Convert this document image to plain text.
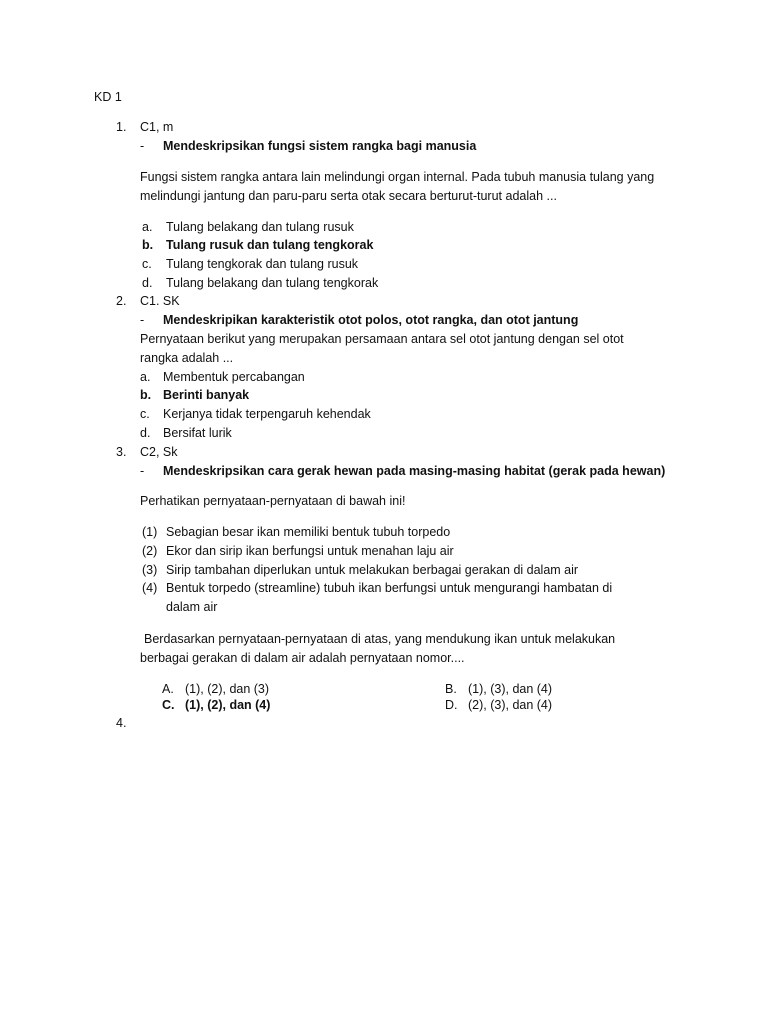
KD 1
1. C1, m
- Mendeskripsikan fungsi sistem rangka bagi manusia
Fungsi sistem rangka antara lain melindungi organ internal. Pada tubuh manusia tulang yang
melindungi jantung dan paru-paru serta otak secara berturut-turut adalah ...
a. Tulang belakang dan tulang rusuk
b. Tulang rusuk dan tulang tengkorak
c. Tulang tengkorak dan tulang rusuk
d. Tulang belakang dan tulang tengkorak
2. C1. SK
- Mendeskripikan karakteristik otot polos, otot rangka, dan otot jantung
Pernyataan berikut yang merupakan persamaan antara sel otot jantung dengan sel otot
rangka adalah ...
a. Membentuk percabangan
b. Berinti banyak
c. Kerjanya tidak terpengaruh kehendak
d. Bersifat lurik
3. C2, Sk
- Mendeskripsikan cara gerak hewan pada masing-masing habitat (gerak pada hewan)
Perhatikan pernyataan-pernyataan di bawah ini!
(1) Sebagian besar ikan memiliki bentuk tubuh torpedo
(2) Ekor dan sirip ikan berfungsi untuk menahan laju air
(3) Sirip tambahan diperlukan untuk melakukan berbagai gerakan di dalam air
(4) Bentuk torpedo (streamline) tubuh ikan berfungsi untuk mengurangi hambatan di
dalam air
Berdasarkan pernyataan-pernyataan di atas, yang mendukung ikan untuk melakukan
berbagai gerakan di dalam air adalah pernyataan nomor....
A. (1), (2), dan (3)	B. (1), (3), dan (4)
C. (1), (2), dan (4)	D. (2), (3), dan (4)
4.
